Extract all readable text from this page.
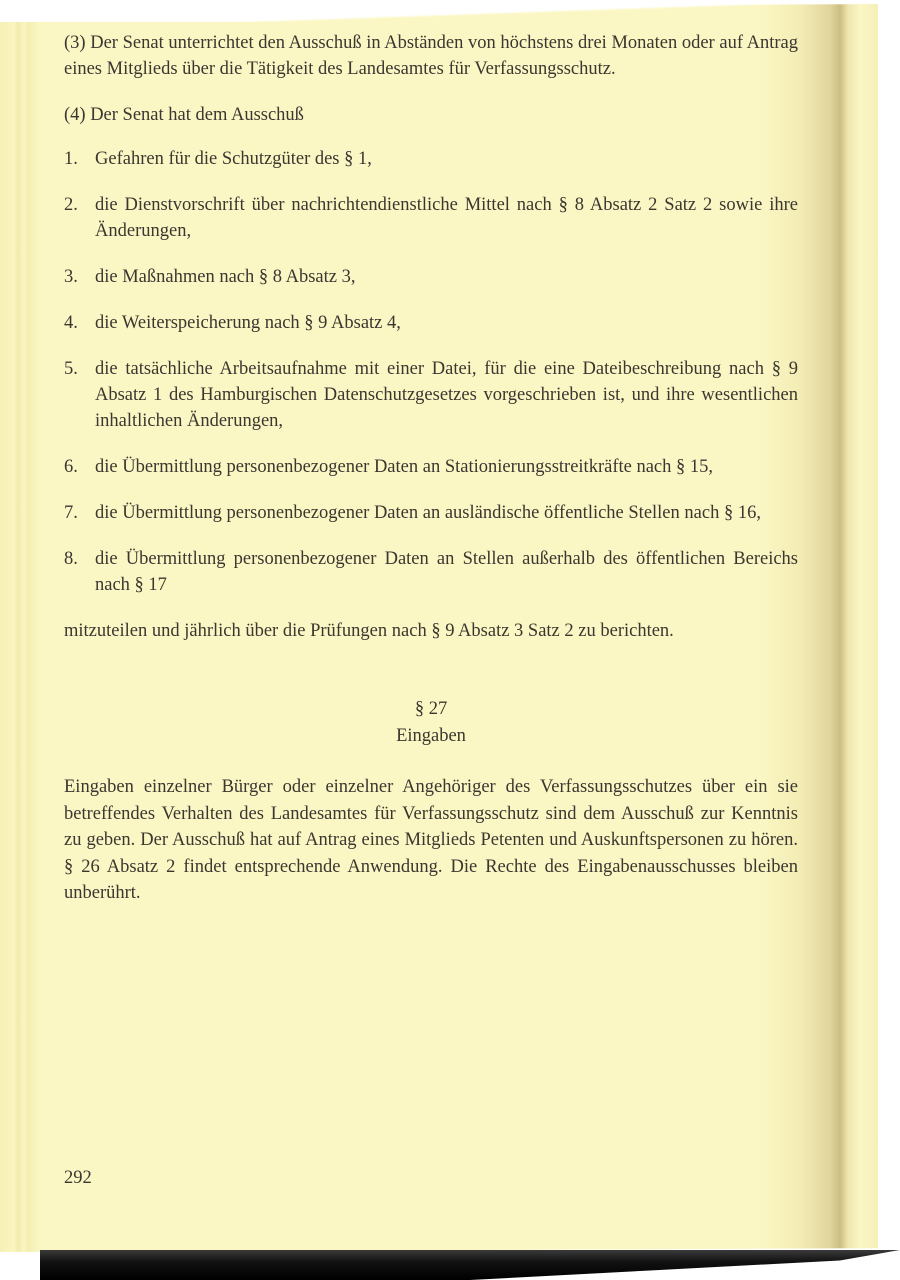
(3) Der Senat unterrichtet den Ausschuß in Abständen von höchstens drei Monaten oder auf Antrag eines Mitglieds über die Tätigkeit des Landesamtes für Verfassungsschutz.

(4) Der Senat hat dem Ausschuß

1. Gefahren für die Schutzgüter des § 1,
2. die Dienstvorschrift über nachrichtendienstliche Mittel nach § 8 Absatz 2 Satz 2 sowie ihre Änderungen,
3. die Maßnahmen nach § 8 Absatz 3,
4. die Weiterspeicherung nach § 9 Absatz 4,
5. die tatsächliche Arbeitsaufnahme mit einer Datei, für die eine Dateibeschreibung nach § 9 Absatz 1 des Hamburgischen Datenschutzgesetzes vorgeschrieben ist, und ihre wesentlichen inhaltlichen Änderungen,
6. die Übermittlung personenbezogener Daten an Stationierungsstreitkräfte nach § 15,
7. die Übermittlung personenbezogener Daten an ausländische öffentliche Stellen nach § 16,
8. die Übermittlung personenbezogener Daten an Stellen außerhalb des öffentlichen Bereichs nach § 17

mitzuteilen und jährlich über die Prüfungen nach § 9 Absatz 3 Satz 2 zu berichten.

§ 27
Eingaben

Eingaben einzelner Bürger oder einzelner Angehöriger des Verfassungsschutzes über ein sie betreffendes Verhalten des Landesamtes für Verfassungsschutz sind dem Ausschuß zur Kenntnis zu geben. Der Ausschuß hat auf Antrag eines Mitglieds Petenten und Auskunftspersonen zu hören. § 26 Absatz 2 findet entsprechende Anwendung. Die Rechte des Eingabenausschusses bleiben unberührt.

292
